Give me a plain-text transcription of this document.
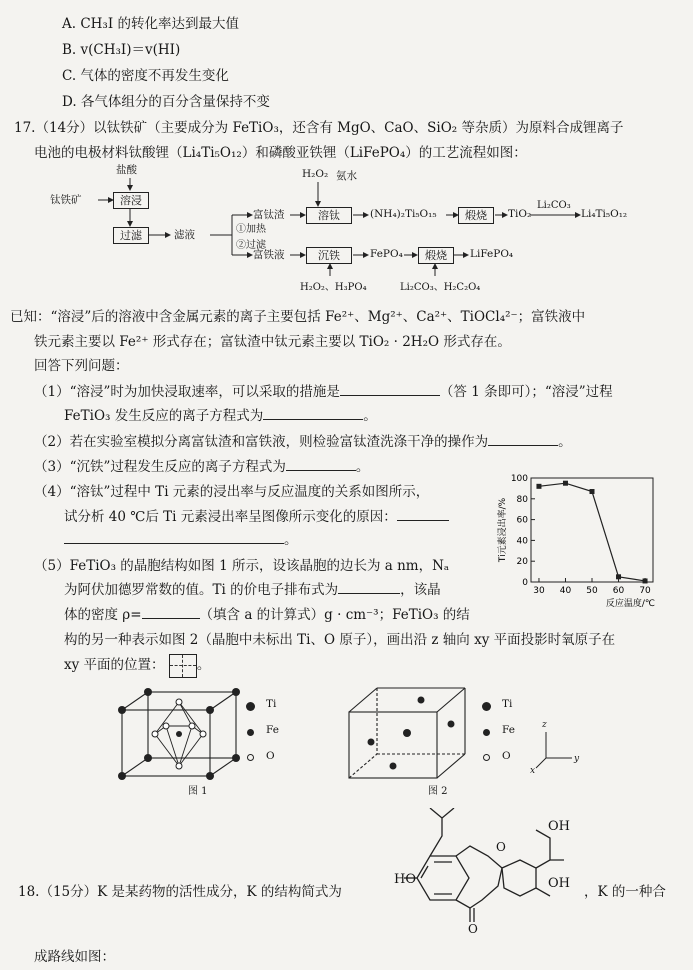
A. CH₃I 的转化率达到最大值
B. v(CH₃I)＝v(HI)
C. 气体的密度不再发生变化
D. 各气体组分的百分含量保持不变
17.（14分）以钛铁矿（主要成分为 FeTiO₃，还含有 MgO、CaO、SiO₂ 等杂质）为原料合成锂离子
电池的电极材料钛酸锂（Li₄Ti₅O₁₂）和磷酸亚铁锂（LiFePO₄）的工艺流程如图：
盐酸
钛铁矿	溶浸
过滤	滤液	①加热
②过滤
富钛渣
富铁液
H₂O₂ 氨水
溶钛	(NH₄)₂Ti₅O₁₅	煅烧	TiO₂
Li₂CO₃
Li₄Ti₅O₁₂
沉铁	FePO₄	煅烧	LiFePO₄
H₂O₂、H₃PO₄	Li₂CO₃、H₂C₂O₄
已知：“溶浸”后的溶液中含金属元素的离子主要包括 Fe²⁺、Mg²⁺、Ca²⁺、TiOCl₄²⁻；富铁液中
铁元素主要以 Fe²⁺ 形式存在；富钛渣中钛元素主要以 TiO₂ · 2H₂O 形式存在。
回答下列问题：
（1）“溶浸”时为加快浸取速率，可以采取的措施是	（答 1 条即可）；“溶浸”过程
FeTiO₃ 发生反应的离子方程式为	。
（2）若在实验室模拟分离富钛渣和富铁液，则检验富钛渣洗涤干净的操作为	。
（3）“沉铁”过程发生反应的离子方程式为	。
（4）“溶钛”过程中 Ti 元素的浸出率与反应温度的关系如图所示，
试分析 40 ℃后 Ti 元素浸出率呈图像所示变化的原因：
。
0
20
40
60
80
100
30 40 50 60 70
反应温度/℃
Ti元素浸出率/%
（5）FeTiO₃ 的晶胞结构如图 1 所示，设该晶胞的边长为 a nm，Nₐ
为阿伏加德罗常数的值。Ti 的价电子排布式为	，该晶
体的密度 ρ=	（填含 a 的计算式）g · cm⁻³；FeTiO₃ 的结
构的另一种表示如图 2（晶胞中未标出 Ti、O 原子），画出沿 z 轴向 xy 平面投影时氧原子在
xy 平面的位置： 。
Ti
Fe
O
图 1
Ti
Fe
O
z
y
x
图 2
18.（15分）K 是某药物的活性成分，K 的结构简式为
HO
OH
OH
O
O
，K 的一种合
成路线如图：
